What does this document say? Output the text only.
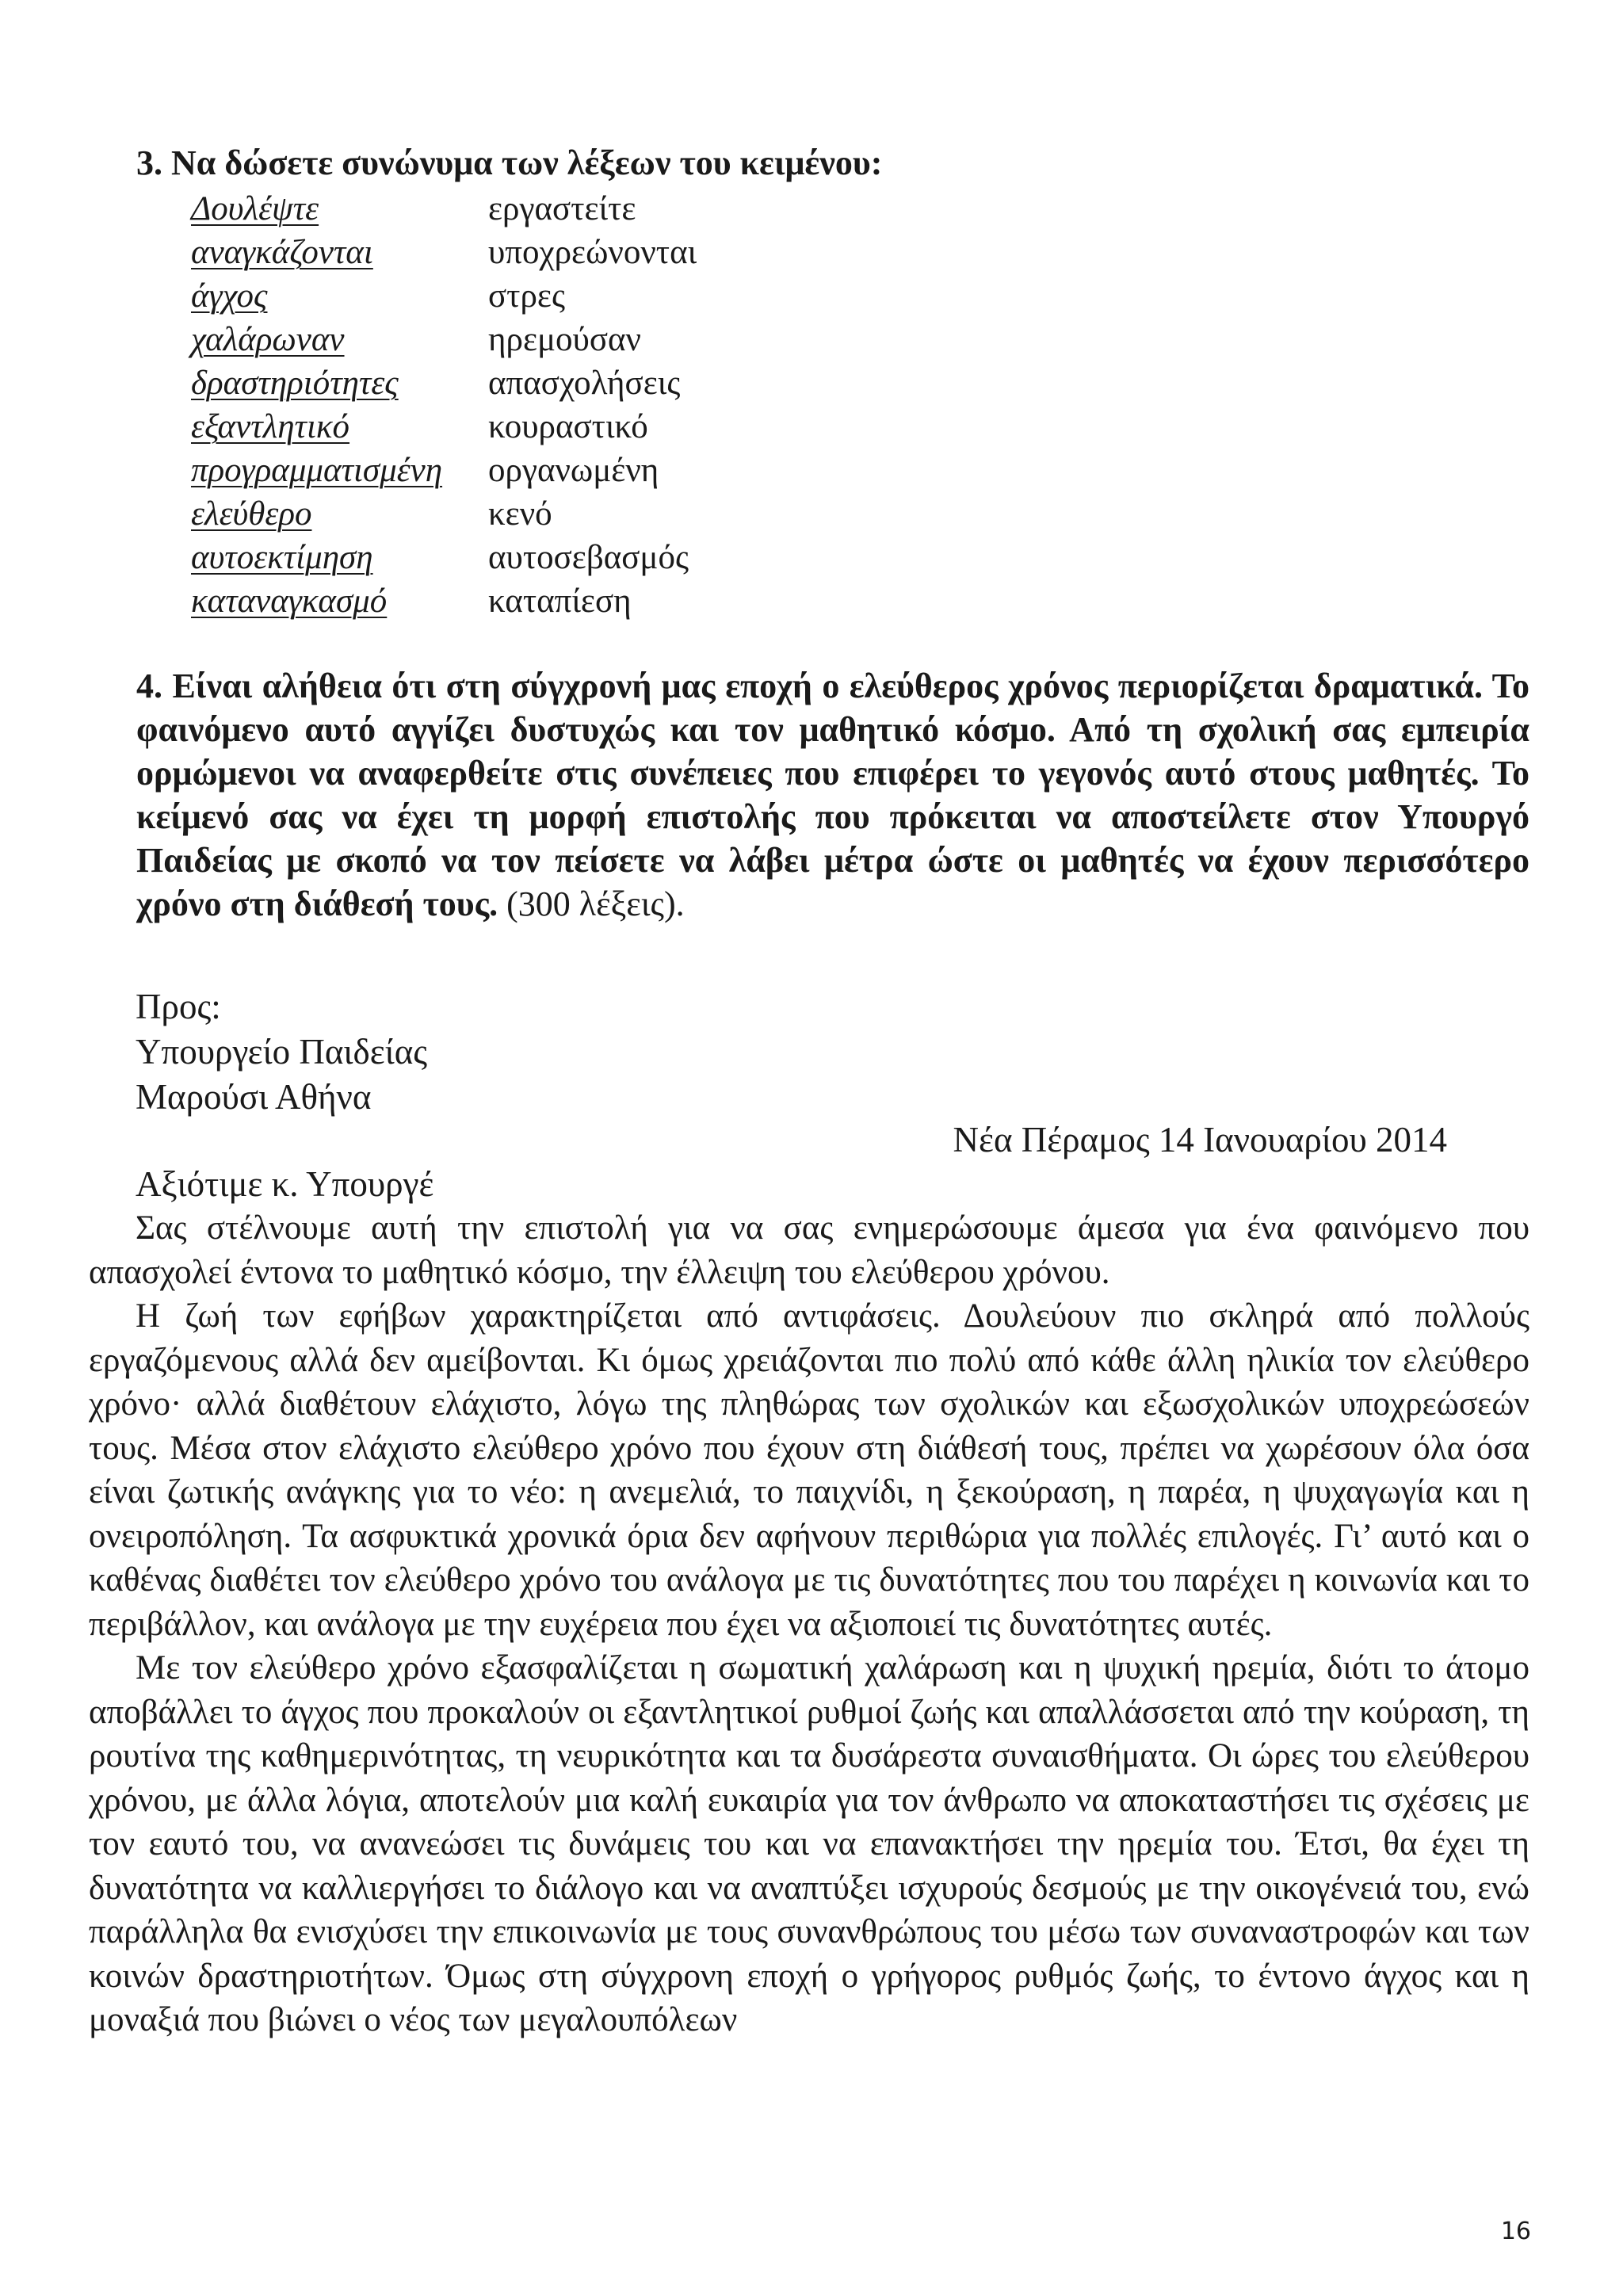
3. Να δώσετε συνώνυμα των λέξεων του κειμένου:
Δουλέψτε	εργαστείτε
αναγκάζονται	υποχρεώνονται
άγχος	στρες
χαλάρωναν	ηρεμούσαν
δραστηριότητες	απασχολήσεις
εξαντλητικό	κουραστικό
προγραμματισμένη	οργανωμένη
ελεύθερο	κενό
αυτοεκτίμηση	αυτοσεβασμός
καταναγκασμό	καταπίεση
4. Είναι αλήθεια ότι στη σύγχρονή μας εποχή ο ελεύθερος χρόνος περιορίζεται δραματικά. Το φαινόμενο αυτό αγγίζει δυστυχώς και τον μαθητικό κόσμο. Από τη σχολική σας εμπειρία ορμώμενοι να αναφερθείτε στις συνέπειες που επιφέρει το γεγονός αυτό στους μαθητές. Το κείμενό σας να έχει τη μορφή επιστολής που πρόκειται να αποστείλετε στον Υπουργό Παιδείας με σκοπό να τον πείσετε να λάβει μέτρα ώστε οι μαθητές να έχουν περισσότερο χρόνο στη διάθεσή τους. (300 λέξεις).
Προς:
Υπουργείο Παιδείας
Μαρούσι Αθήνα
Νέα Πέραμος 14 Ιανουαρίου 2014
Αξιότιμε κ. Υπουργέ

Σας στέλνουμε αυτή την επιστολή για να σας ενημερώσουμε άμεσα για ένα φαινόμενο που απασχολεί έντονα το μαθητικό κόσμο, την έλλειψη του ελεύθερου χρόνου.

Η ζωή των εφήβων χαρακτηρίζεται από αντιφάσεις. Δουλεύουν πιο σκληρά από πολλούς εργαζόμενους αλλά δεν αμείβονται. Κι όμως χρειάζονται πιο πολύ από κάθε άλλη ηλικία τον ελεύθερο χρόνο· αλλά διαθέτουν ελάχιστο, λόγω της πληθώρας των σχολικών και εξωσχολικών υποχρεώσεών τους. Μέσα στον ελάχιστο ελεύθερο χρόνο που έχουν στη διάθεσή τους, πρέπει να χωρέσουν όλα όσα είναι ζωτικής ανάγκης για το νέο: η ανεμελιά, το παιχνίδι, η ξεκούραση, η παρέα, η ψυχαγωγία και η ονειροπόληση. Τα ασφυκτικά χρονικά όρια δεν αφήνουν περιθώρια για πολλές επιλογές. Γι’ αυτό και ο καθένας διαθέτει τον ελεύθερο χρόνο του ανάλογα με τις δυνατότητες που του παρέχει η κοινωνία και το περιβάλλον, και ανάλογα με την ευχέρεια που έχει να αξιοποιεί τις δυνατότητες αυτές.

Με τον ελεύθερο χρόνο εξασφαλίζεται η σωματική χαλάρωση και η ψυχική ηρεμία, διότι το άτομο αποβάλλει το άγχος που προκαλούν οι εξαντλητικοί ρυθμοί ζωής και απαλλάσσεται από την κούραση, τη ρουτίνα της καθημερινότητας, τη νευρικότητα και τα δυσάρεστα συναισθήματα. Οι ώρες του ελεύθερου χρόνου, με άλλα λόγια, αποτελούν μια καλή ευκαιρία για τον άνθρωπο να αποκαταστήσει τις σχέσεις με τον εαυτό του, να ανανεώσει τις δυνάμεις του και να επανακτήσει την ηρεμία του. Έτσι, θα έχει τη δυνατότητα να καλλιεργήσει το διάλογο και να αναπτύξει ισχυρούς δεσμούς με την οικογένειά του, ενώ παράλληλα θα ενισχύσει την επικοινωνία με τους συνανθρώπους του μέσω των συναναστροφών και των κοινών δραστηριοτήτων. Όμως στη σύγχρονη εποχή ο γρήγορος ρυθμός ζωής, το έντονο άγχος και η μοναξιά που βιώνει ο νέος των μεγαλουπόλεων

16
